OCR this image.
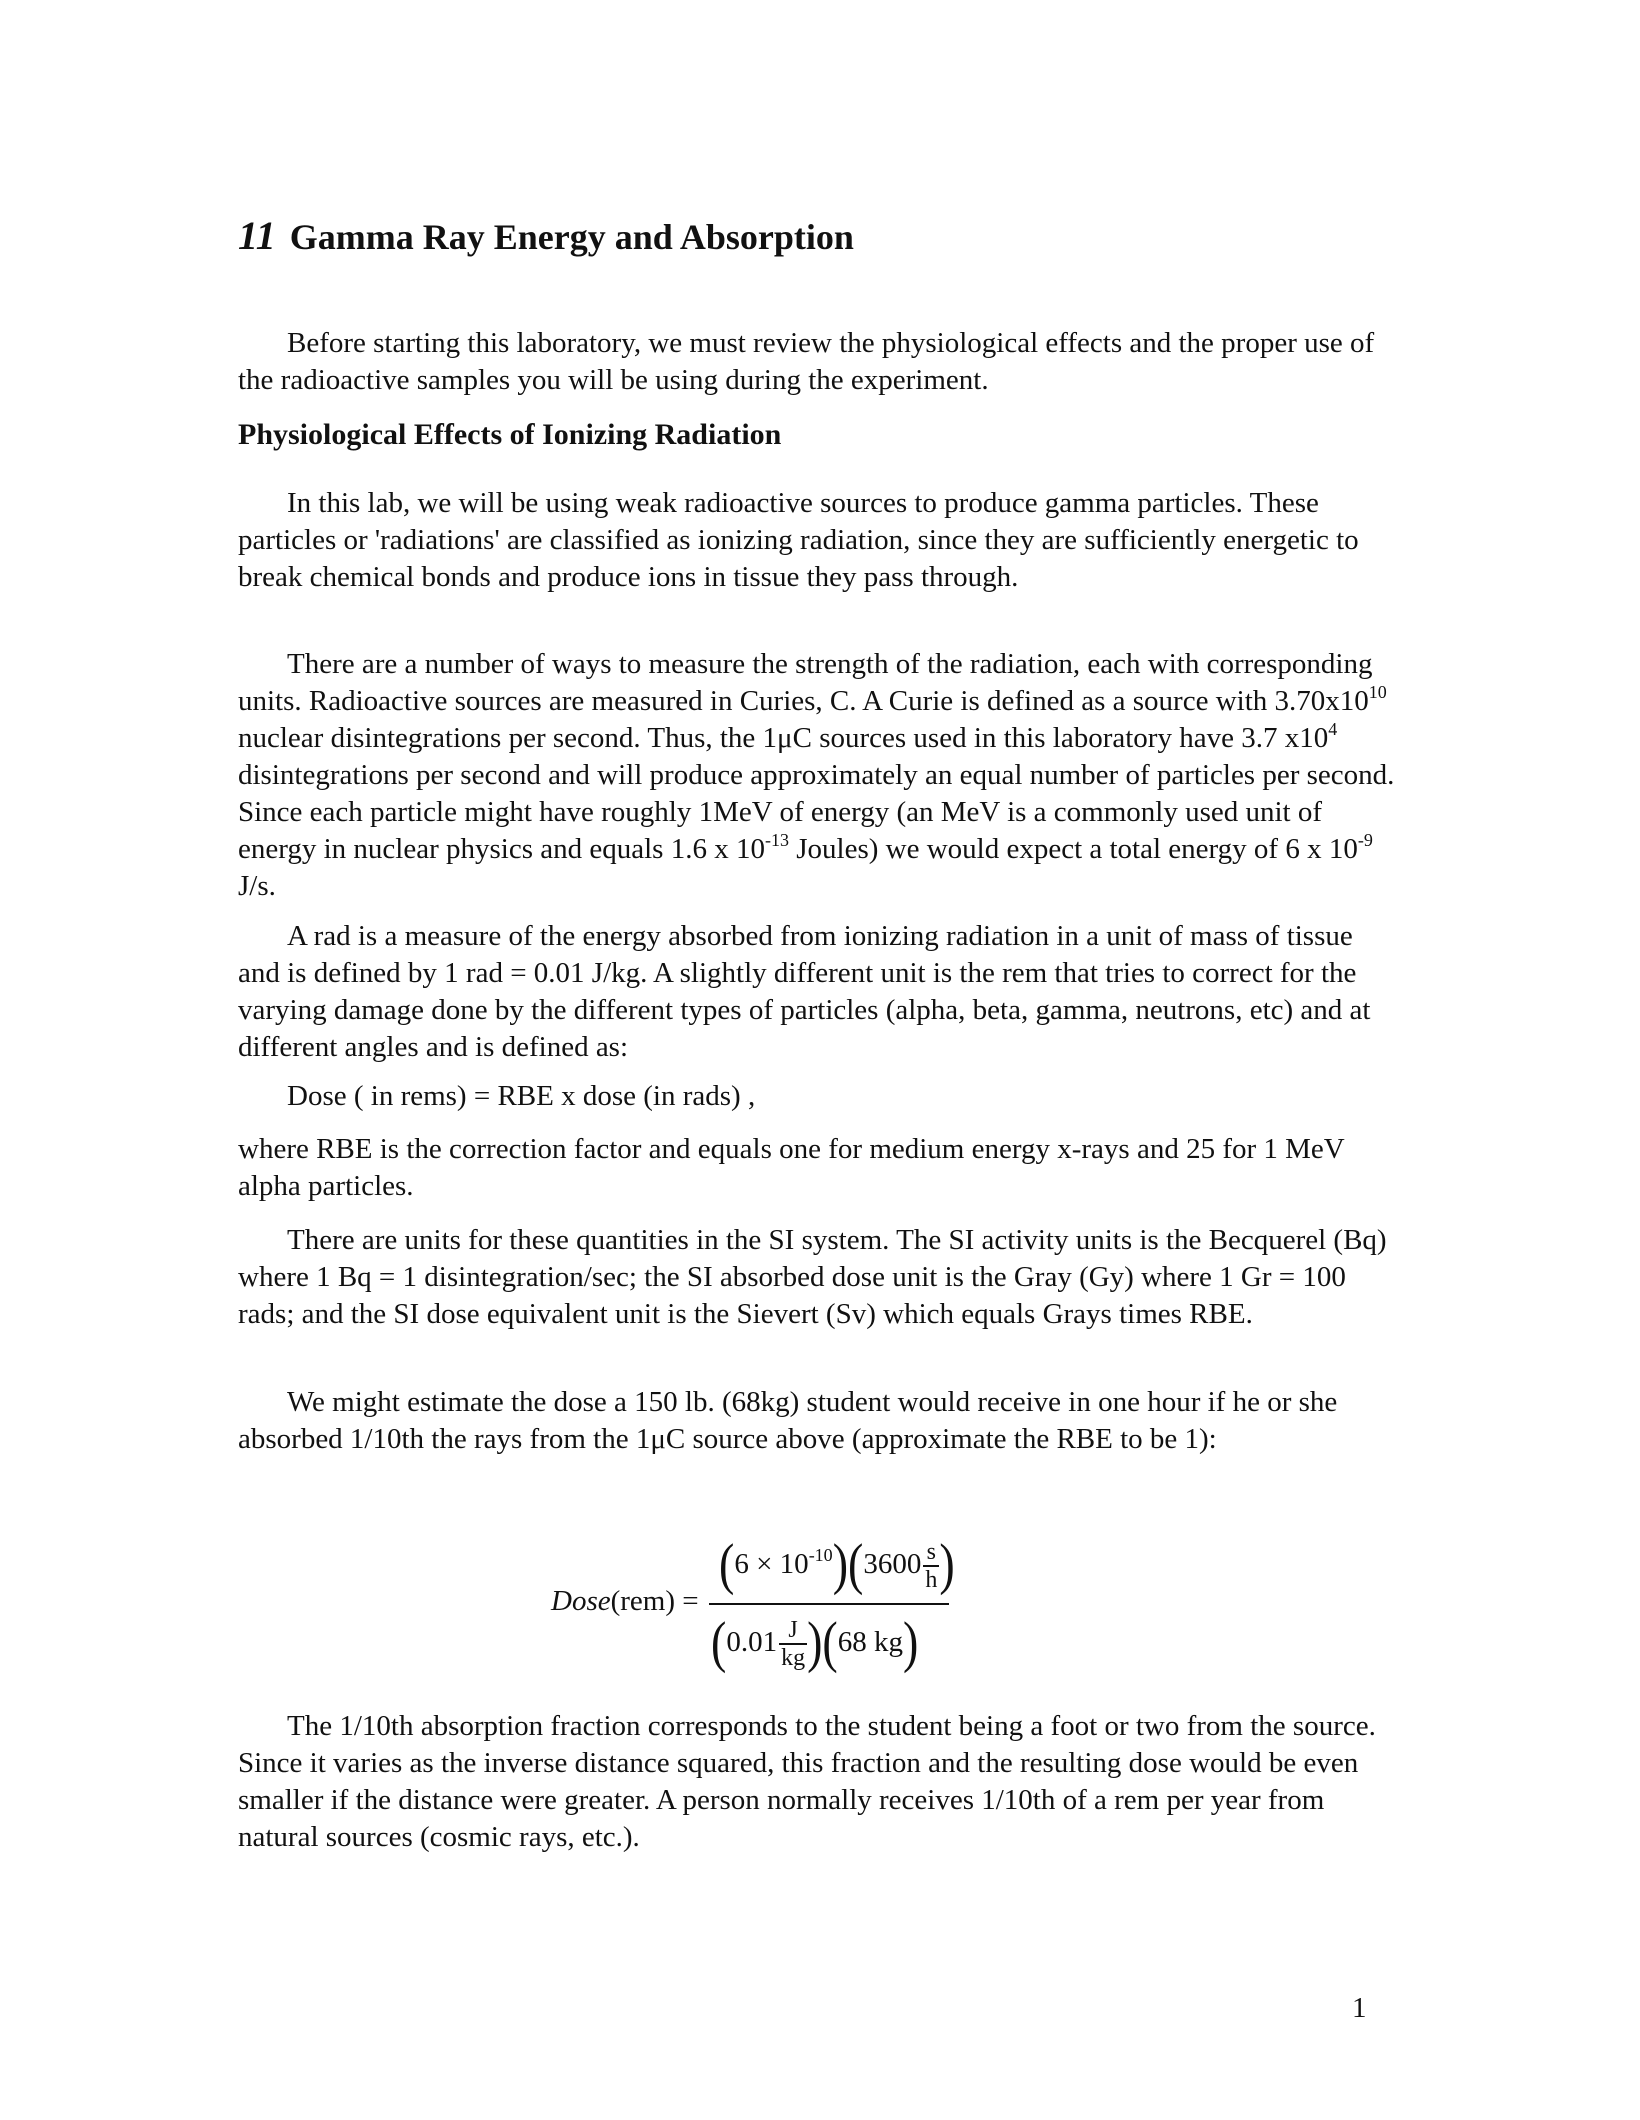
11 Gamma Ray Energy and Absorption

Before starting this laboratory, we must review the physiological effects and the proper use of the radioactive samples you will be using during the experiment.

Physiological Effects of Ionizing Radiation

In this lab, we will be using weak radioactive sources to produce gamma particles. These particles or 'radiations' are classified as ionizing radiation, since they are sufficiently energetic to break chemical bonds and produce ions in tissue they pass through.

There are a number of ways to measure the strength of the radiation, each with corresponding units. Radioactive sources are measured in Curies, C. A Curie is defined as a source with $3.70x10^{10}$ nuclear disintegrations per second. Thus, the 1μC sources used in this laboratory have 3.7 $x10^4$ disintegrations per second and will produce approximately an equal number of particles per second. Since each particle might have roughly 1MeV of energy (an MeV is a commonly used unit of energy in nuclear physics and equals 1.6 x $10^{-13}$ Joules) we would expect a total energy of 6 x $10^{-9}$ J/s.

A rad is a measure of the energy absorbed from ionizing radiation in a unit of mass of tissue and is defined by 1 rad = 0.01 J/kg. A slightly different unit is the rem that tries to correct for the varying damage done by the different types of particles (alpha, beta, gamma, neutrons, etc) and at different angles and is defined as:

Dose ( in rems) = RBE x dose (in rads) ,

where RBE is the correction factor and equals one for medium energy x-rays and 25 for 1 MeV alpha particles.

There are units for these quantities in the SI system. The SI activity units is the Becquerel (Bq) where 1 Bq = 1 disintegration/sec; the SI absorbed dose unit is the Gray (Gy) where 1 Gr = 100 rads; and the SI dose equivalent unit is the Sievert (Sv) which equals Grays times RBE.

We might estimate the dose a 150 lb. (68kg) student would receive in one hour if he or she absorbed 1/10th the rays from the 1μC source above (approximate the RBE to be 1):

Dose(rem) =
$(6 \times 10^{-10})(3600 \frac{s}{h}$ )
$(0.01 \frac{J}{kg} )(68$ kg)

The 1/10th absorption fraction corresponds to the student being a foot or two from the source. Since it varies as the inverse distance squared, this fraction and the resulting dose would be even smaller if the distance were greater. A person normally receives 1/10th of a rem per year from natural sources (cosmic rays, etc.).

1
